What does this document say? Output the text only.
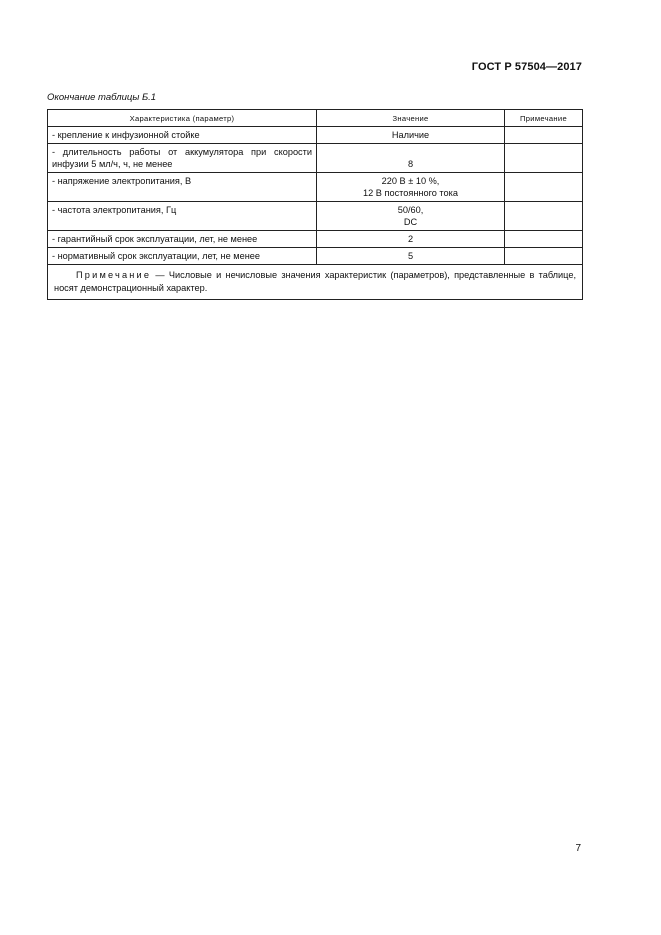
ГОСТ Р 57504—2017
Окончание таблицы Б.1
Характеристика (параметр)	Значение	Примечание
- крепление к инфузионной стойке	Наличие	
- длительность работы от аккумулятора при скорости инфузии 5 мл/ч, ч, не менее	8	
- напряжение электропитания, В	220 В ± 10 %,
12 В постоянного тока	

- частота электропитания, Гц	50/60,
DC	

- гарантийный срок эксплуатации, лет, не менее	2	
- нормативный срок эксплуатации, лет, не менее	5	
Примечание — Числовые и нечисловые значения характеристик (параметров), представленные в таблице, носят демонстрационный характер.		
7
